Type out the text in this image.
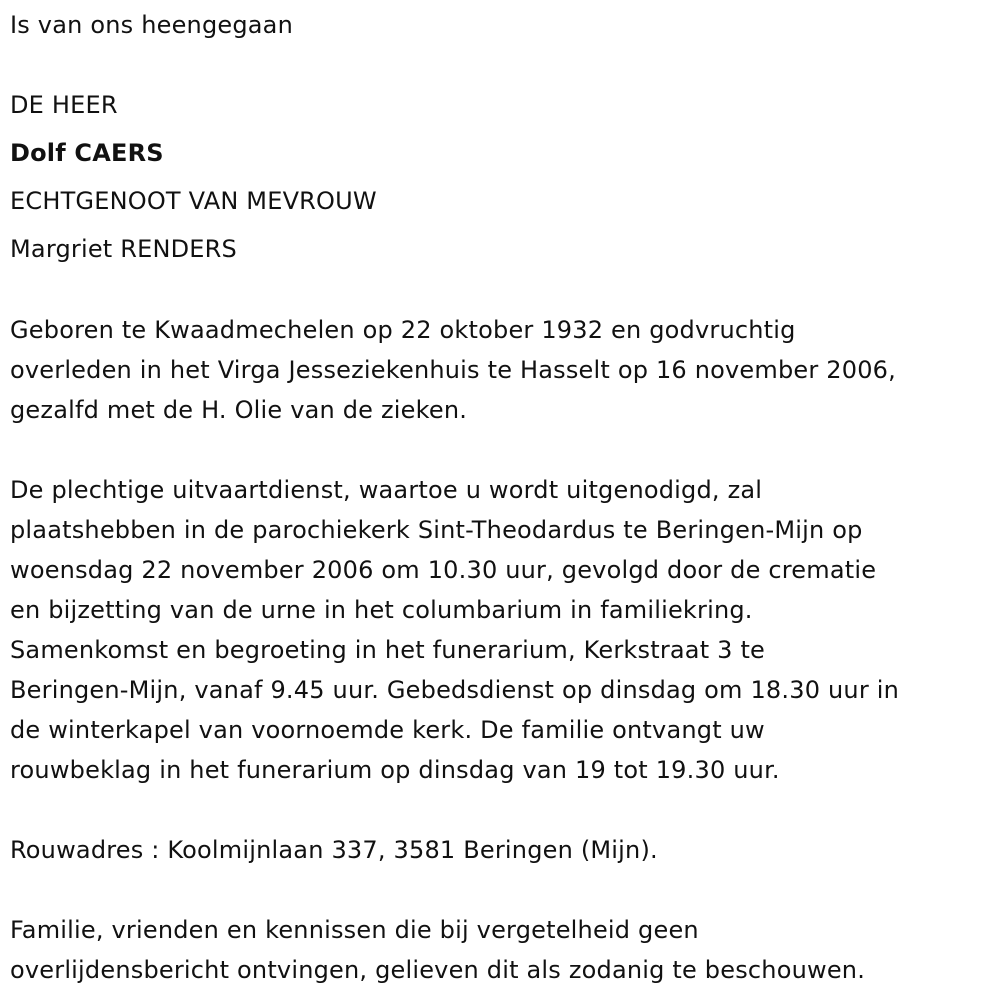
Is van ons heengegaan
DE HEER
Dolf CAERS
ECHTGENOOT VAN MEVROUW
Margriet RENDERS
Geboren te Kwaadmechelen op 22 oktober 1932 en godvruchtig
overleden in het Virga Jesseziekenhuis te Hasselt op 16 november 2006,
gezalfd met de H. Olie van de zieken.
De plechtige uitvaartdienst, waartoe u wordt uitgenodigd, zal
plaatshebben in de parochiekerk Sint-Theodardus te Beringen-Mijn op
woensdag 22 november 2006 om 10.30 uur, gevolgd door de crematie
en bijzetting van de urne in het columbarium in familiekring.
Samenkomst en begroeting in het funerarium, Kerkstraat 3 te
Beringen-Mijn, vanaf 9.45 uur. Gebedsdienst op dinsdag om 18.30 uur in
de winterkapel van voornoemde kerk. De familie ontvangt uw
rouwbeklag in het funerarium op dinsdag van 19 tot 19.30 uur.
Rouwadres : Koolmijnlaan 337, 3581 Beringen (Mijn).
Familie, vrienden en kennissen die bij vergetelheid geen
overlijdensbericht ontvingen, gelieven dit als zodanig te beschouwen.
